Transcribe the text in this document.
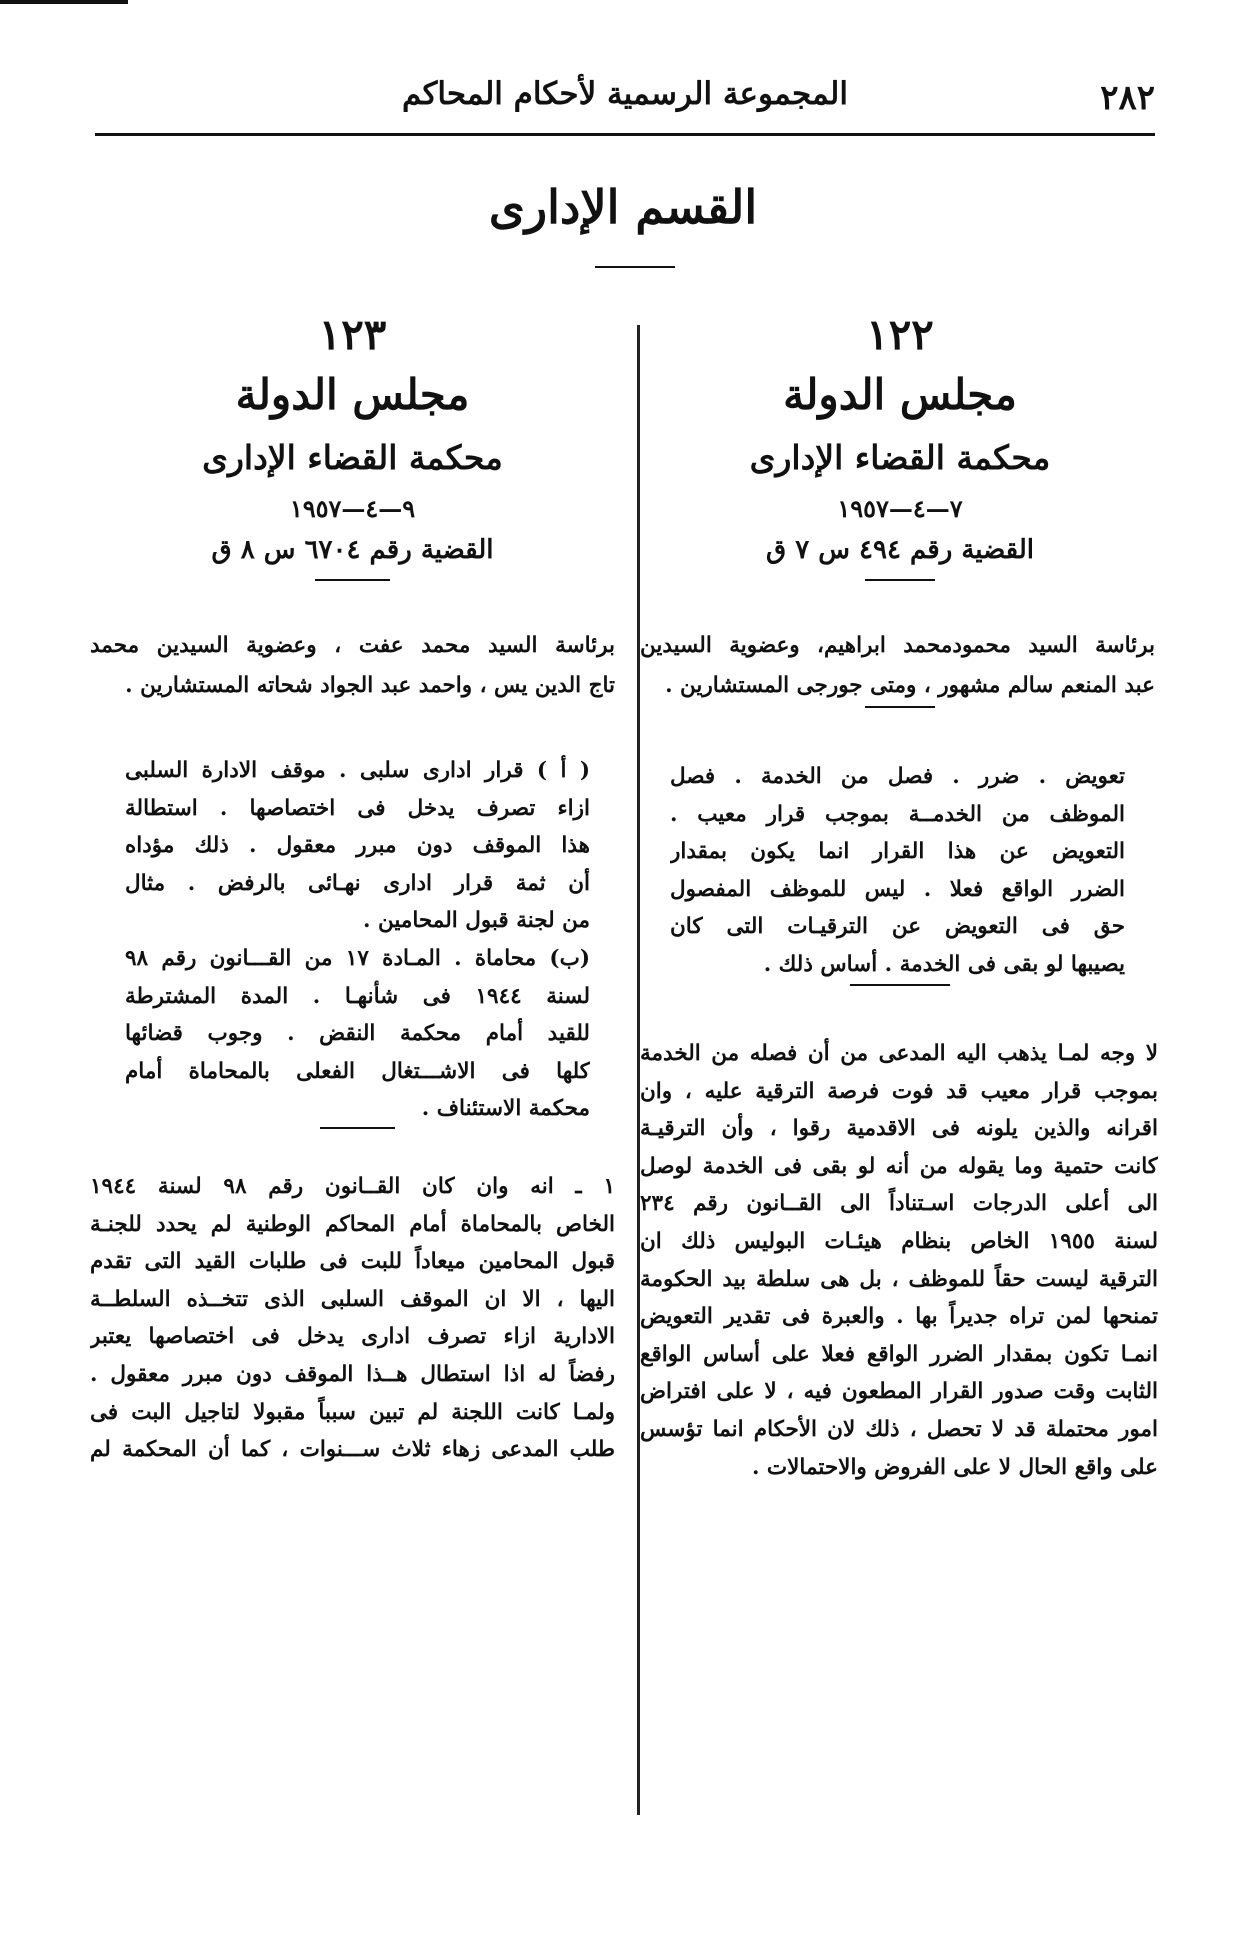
٢٨٢
المجموعة الرسمية لأحكام المحاكم
القسم الإدارى
١٢٢
مجلس الدولة
محكمة القضاء الإدارى
٧—٤—١٩٥٧
القضية رقم ٤٩٤ س ٧ ق
برئاسة السيد محمودمحمد ابراهيم، وعضوية السيدين
عبد المنعم سالم مشهور ، ومتى جورجى المستشارين .
تعويض . ضرر . فصل من الخدمة . فصل
الموظف من الخدمــة بموجب قرار معيب .
التعويض عن هذا القرار انما يكون بمقدار
الضرر الواقع فعلا . ليس للموظف المفصول
حق فى التعويض عن الترقيـات التى كان
يصيبها لو بقى فى الخدمة . أساس ذلك .
لا وجه لمـا يذهب اليه المدعى من أن فصله من الخدمة
بموجب قرار معيب قد فوت فرصة الترقية عليه ، وان
اقرانه والذين يلونه فى الاقدمية رقوا ، وأن الترقيـة
كانت حتمية وما يقوله من أنه لو بقى فى الخدمة لوصل
الى أعلى الدرجات اسـتناداً الى القــانون رقم ٢٣٤
لسنة ١٩٥٥ الخاص بنظام هيئـات البوليس ذلك ان
الترقية ليست حقاً للموظف ، بل هى سلطة بيد الحكومة
تمنحها لمن تراه جديراً بها . والعبرة فى تقدير التعويض
انمـا تكون بمقدار الضرر الواقع فعلا على أساس الواقع
الثابت وقت صدور القرار المطعون فيه ، لا على افتراض
امور محتملة قد لا تحصل ، ذلك لان الأحكام انما تؤسس
على واقع الحال لا على الفروض والاحتمالات .
١٢٣
مجلس الدولة
محكمة القضاء الإدارى
٩—٤—١٩٥٧
القضية رقم ٦٧٠٤ س ٨ ق
برئاسة السيد محمد عفت ، وعضوية السيدين محمد
تاج الدين يس ، واحمد عبد الجواد شحاته المستشارين .
( أ ) قرار ادارى سلبى . موقف الادارة السلبى
ازاء تصرف يدخل فى اختصاصها . استطالة
هذا الموقف دون مبرر معقول . ذلك مؤداه
أن ثمة قرار ادارى نهـائى بالرفض . مثال
من لجنة قبول المحامين .
(ب) محاماة . المـادة ١٧ من القـــانون رقم ٩٨
لسنة ١٩٤٤ فى شأنهـا . المدة المشترطة
للقيد أمام محكمة النقض . وجوب قضائها
كلها فى الاشـــتغال الفعلى بالمحاماة أمام
محكمة الاستئناف .
١ ـ انه وان كان القــانون رقم ٩٨ لسنة ١٩٤٤
الخاص بالمحاماة أمام المحاكم الوطنية لم يحدد للجنـة
قبول المحامين ميعاداً للبت فى طلبات القيد التى تقدم
اليها ، الا ان الموقف السلبى الذى تتخــذه السلطــة
الادارية ازاء تصرف ادارى يدخل فى اختصاصها يعتبر
رفضاً له اذا استطال هــذا الموقف دون مبرر معقول .
ولمـا كانت اللجنة لم تبين سبباً مقبولا لتاجيل البت فى
طلب المدعى زهاء ثلاث ســـنوات ، كما أن المحكمة لم
